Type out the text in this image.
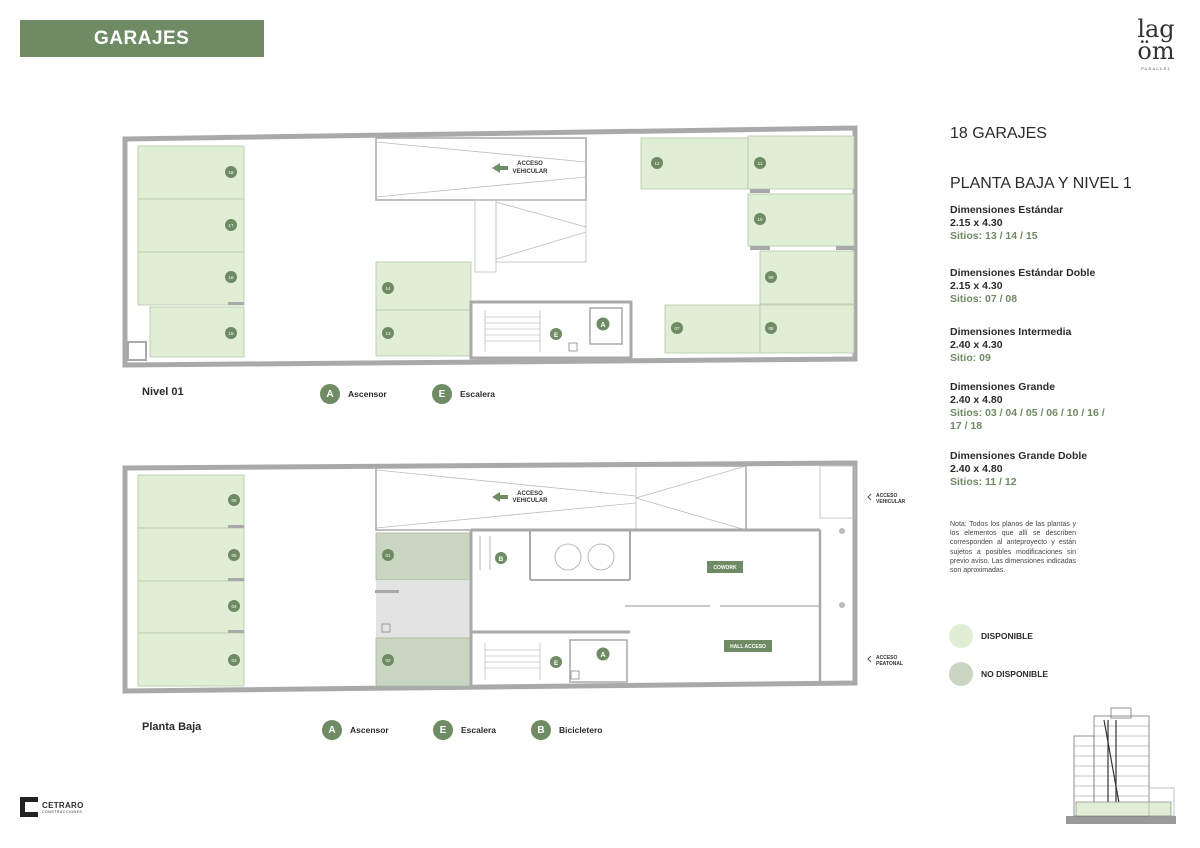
GARAJES	lag
öm
PARALLEL
ACCESO
VEHICULAR
A
E
18
17
16
15
14
13
12	11
10
09
08
07
Nivel 01	A	Ascensor	E	Escalera
ACCESO
VEHICULAR
COWORK
HALL ACCESO
B
A
E
06
05
04
03
01
02
ACCESO
VEHICULAR
ACCESO
PEATONAL
Planta Baja	A	Ascensor	E	Escalera	B	Bicicletero
18 GARAJES
PLANTA BAJA Y NIVEL 1
Dimensiones Estándar
2.15 x 4.30
Sitios: 13 / 14 / 15
Dimensiones Estándar Doble
2.15 x 4.30
Sitios: 07 / 08
Dimensiones Intermedia
2.40 x 4.30
Sitio: 09
Dimensiones Grande
2.40 x 4.80
Sitios: 03 / 04 / 05 / 06 / 10 / 16 / 17 / 18
Dimensiones Grande Doble
2.40 x 4.80
Sitios: 11 / 12
Nota: Todos los planos de las plantas y los elementos que allí se describen corresponden al anteproyecto y están sujetos a posibles modificaciones sin previo aviso. Las dimensiones indicadas son aproximadas.
DISPONIBLE
NO DISPONIBLE
CETRARO
CONSTRUCCIONES
